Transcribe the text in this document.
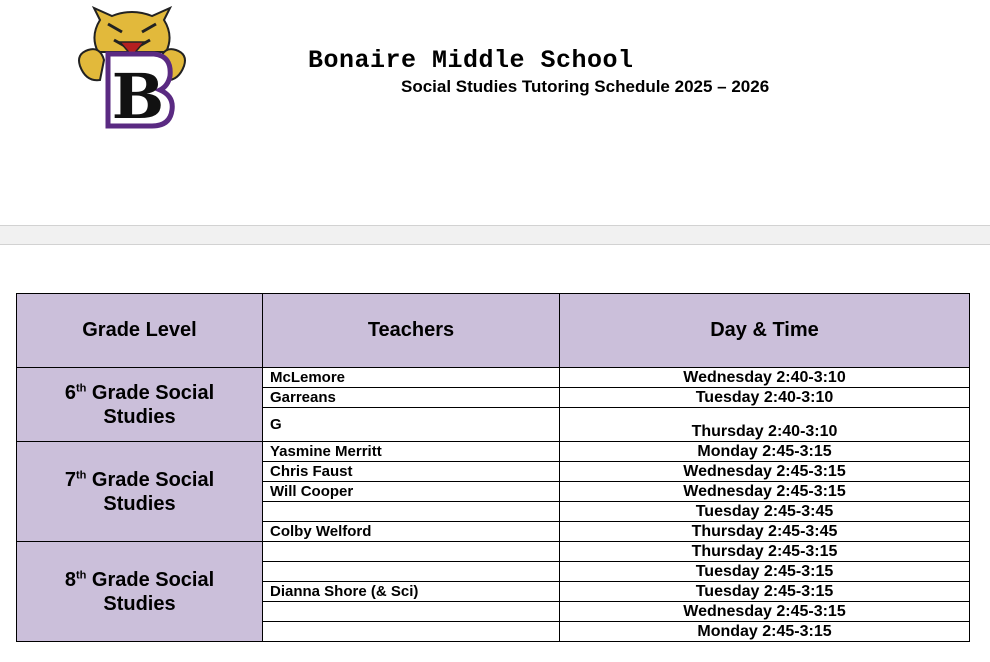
B	Bonaire Middle School
Social Studies Tutoring Schedule 2025 – 2026
Grade Level	Teachers	Day & Time
6th Grade Social
Studies	McLemore	Wednesday 2:40-3:10
	Garreans	Tuesday 2:40-3:10
	G	Thursday 2:40-3:10
7th Grade Social
Studies	Yasmine Merritt	Monday 2:45-3:15
	Chris Faust	Wednesday 2:45-3:15
	Will Cooper	Wednesday 2:45-3:15
		Tuesday 2:45-3:45
	Colby Welford	Thursday 2:45-3:45
8th Grade Social
Studies		Thursday 2:45-3:15
		Tuesday 2:45-3:15
	Dianna Shore (& Sci)	Tuesday 2:45-3:15
		Wednesday 2:45-3:15
		Monday 2:45-3:15
